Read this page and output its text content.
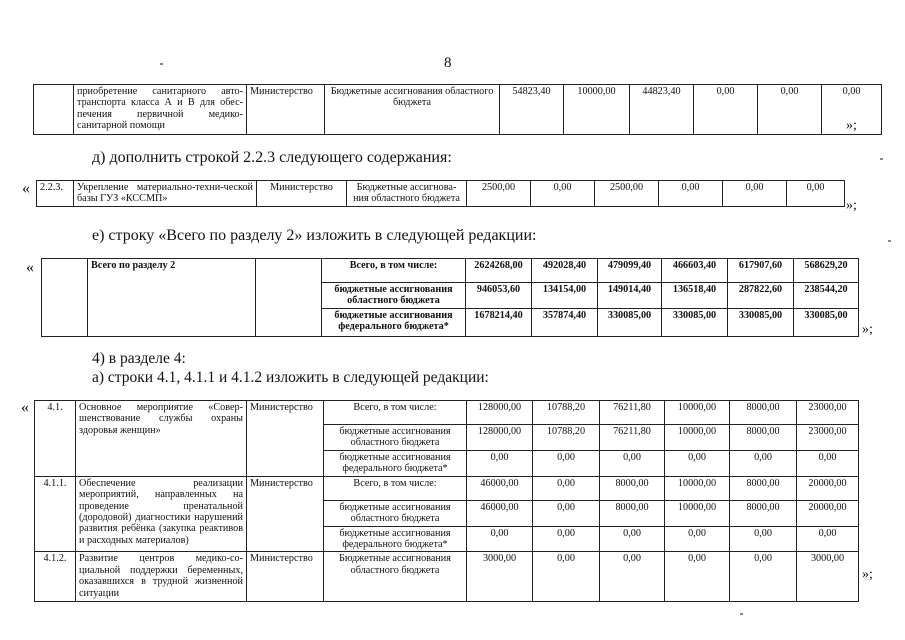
8
	приобретение санитарного авто-транспорта класса А и В для обес-печения первичной медико-санитарной помощи	Министерство	Бюджетные ассигнования областного бюджета	54823,40	10000,00	44823,40	0,00	0,00	0,00
»;
д) дополнить строкой 2.2.3 следующего содержания:
« 2.2.3.	Укрепление материально-техни-ческой базы ГУЗ «КССМП»	Министерство	Бюджетные ассигнова-ния областного бюджета	2500,00	0,00	2500,00	0,00	0,00	0,00
»;
е) строку «Всего по разделу 2» изложить в следующей редакции:
«
		Всего по разделу 2		Всего, в том числе:	2624268,00	492028,40	479099,40	466603,40	617907,60	568629,20
			бюджетные ассигнования областного бюджета	946053,60	134154,00	149014,40	136518,40	287822,60	238544,20
			бюджетные ассигнования федерального бюджета*	1678214,40	357874,40	330085,00	330085,00	330085,00	330085,00
»;
4) в разделе 4:
а) строки 4.1, 4.1.1 и 4.1.2 изложить в следующей редакции:
« 4.1.	Основное мероприятие «Совер-шенствование службы охраны здоровья женщин»	Министерство	Всего, в том числе:	128000,00	10788,20	76211,80	10000,00	8000,00	23000,00
			бюджетные ассигнования областного бюджета	128000,00	10788,20	76211,80	10000,00	8000,00	23000,00
			бюджетные ассигнования федерального бюджета*	0,00	0,00	0,00	0,00	0,00	0,00
4.1.1.	Обеспечение реализации мероприятий, направленных на проведение пренатальной (дородовой) диагностики нарушений развития ребёнка (закупка реактивов и расходных материалов)	Министерство	Всего, в том числе:	46000,00	0,00	8000,00	10000,00	8000,00	20000,00
			бюджетные ассигнования областного бюджета	46000,00	0,00	8000,00	10000,00	8000,00	20000,00
			бюджетные ассигнования федерального бюджета*	0,00	0,00	0,00	0,00	0,00	0,00
4.1.2.	Развитие центров медико-со-циальной поддержки беременных, оказавшихся в трудной жизненной ситуации	Министерство	Бюджетные ассигнования областного бюджета	3000,00	0,00	0,00	0,00	0,00	3000,00
»;
